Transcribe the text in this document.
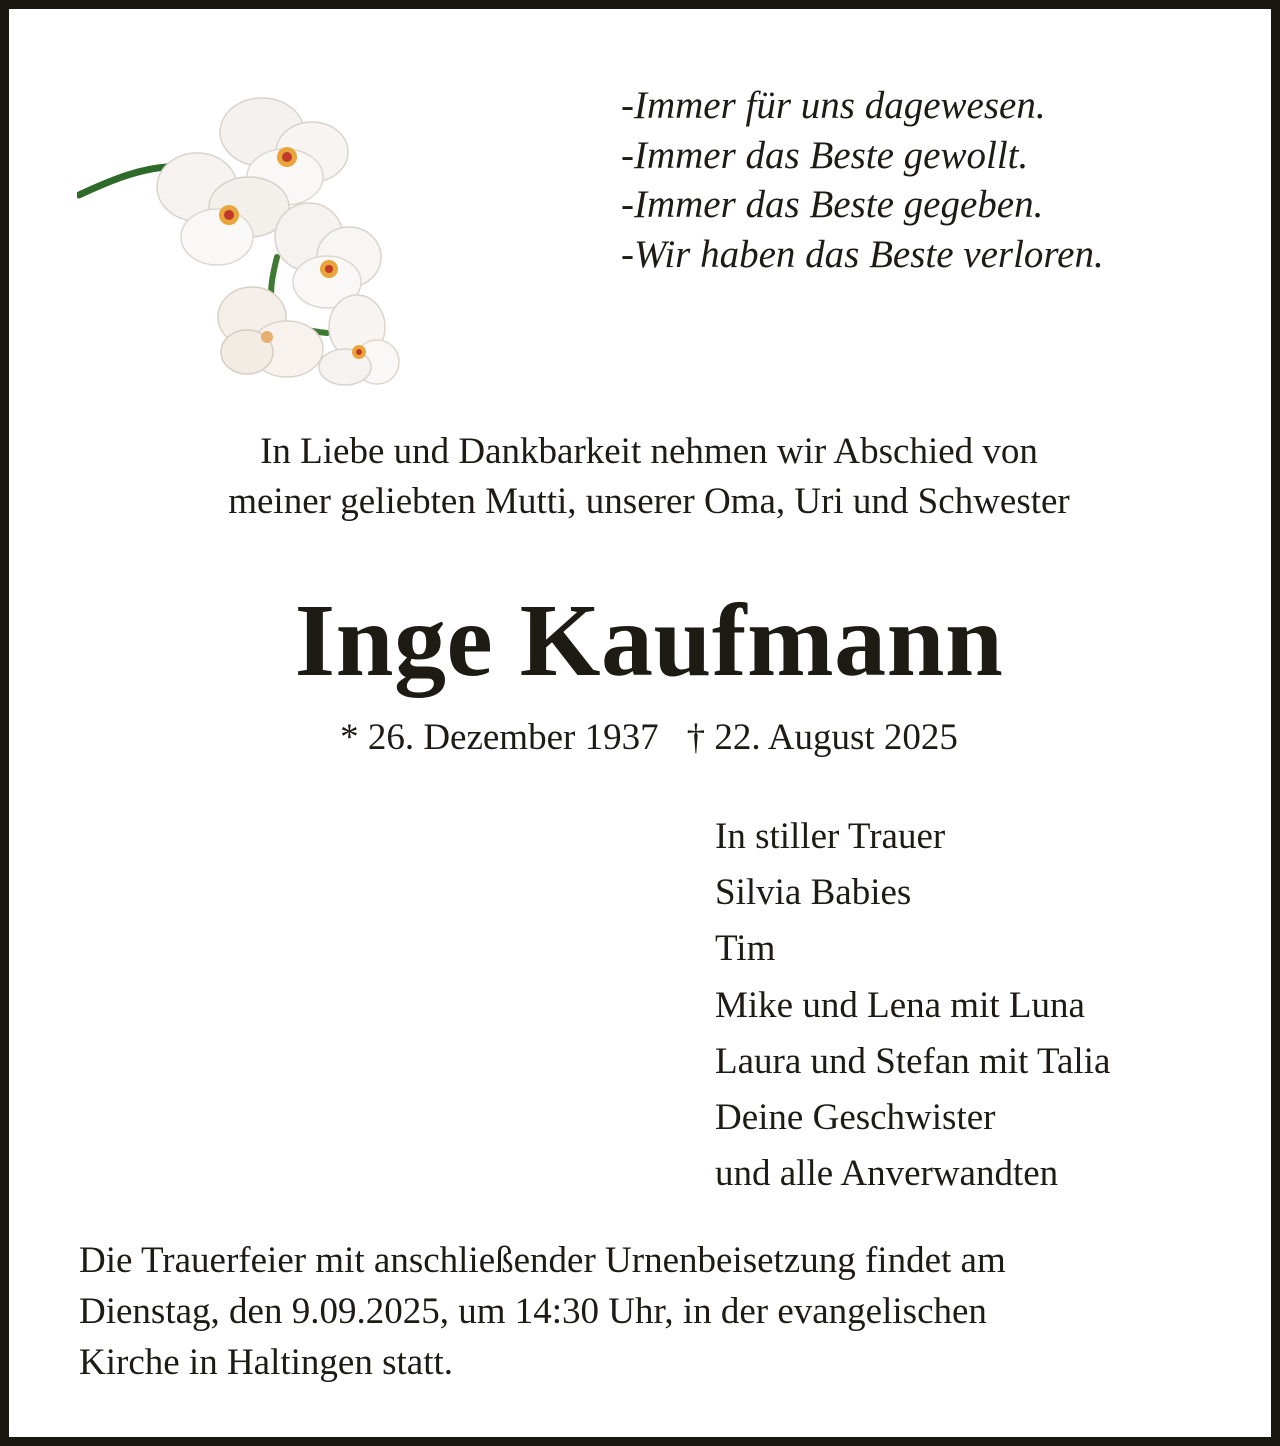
-Immer für uns dagewesen.
-Immer das Beste gewollt.
-Immer das Beste gegeben.
-Wir haben das Beste verloren.
In Liebe und Dankbarkeit nehmen wir Abschied von
meiner geliebten Mutti, unserer Oma, Uri und Schwester
Inge Kaufmann
* 26. Dezember 1937 † 22. August 2025
In stiller Trauer
Silvia Babies
Tim
Mike und Lena mit Luna
Laura und Stefan mit Talia
Deine Geschwister
und alle Anverwandten
Die Trauerfeier mit anschließender Urnenbeisetzung findet am
Dienstag, den 9.09.2025, um 14:30 Uhr, in der evangelischen
Kirche in Haltingen statt.
